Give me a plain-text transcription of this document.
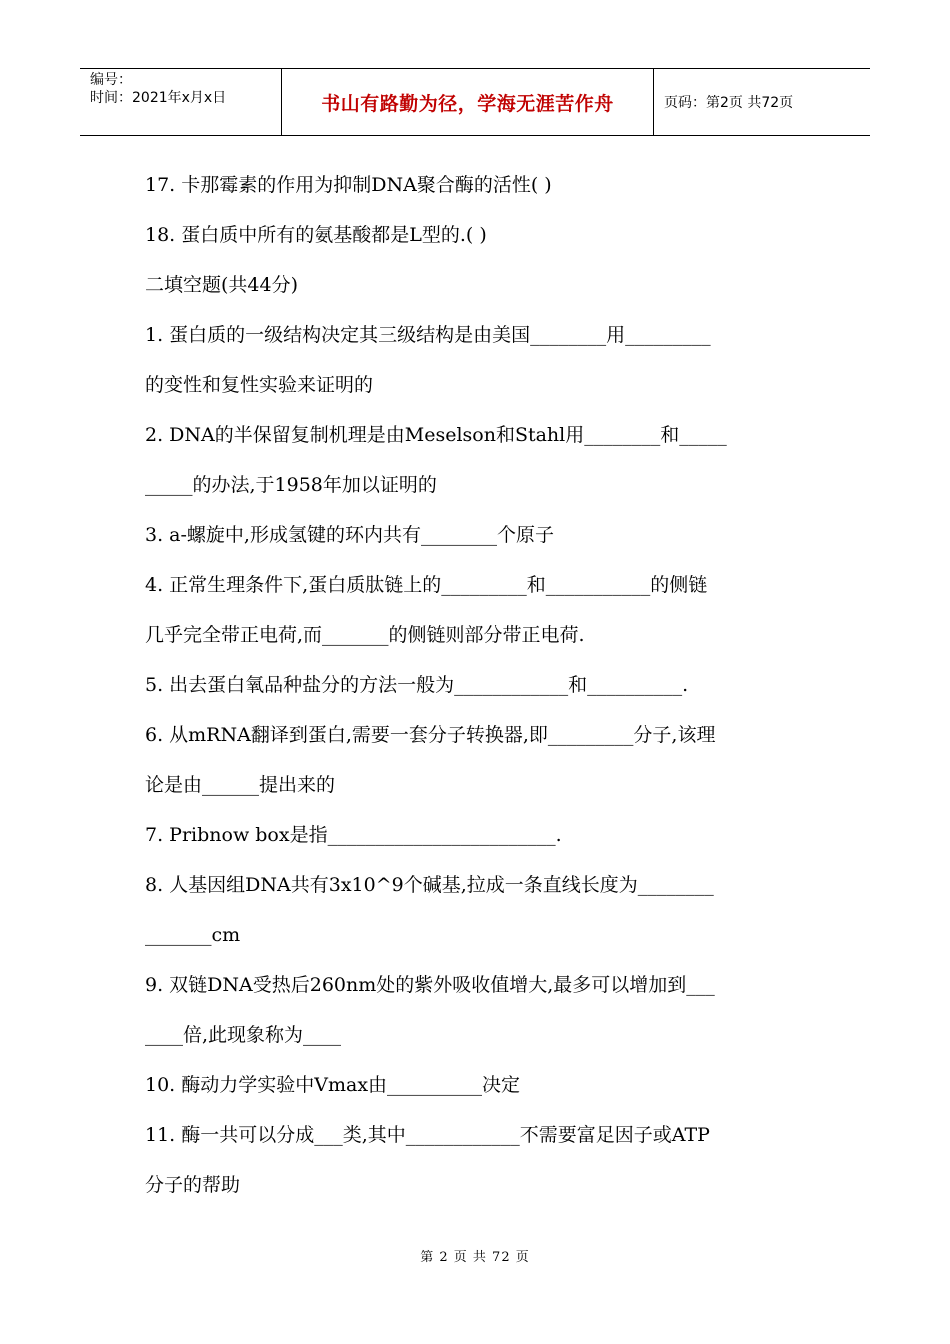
编号：
时间：2021年x月x日	书山有路勤为径，学海无涯苦作舟	页码：第2页 共72页
17. 卡那霉素的作用为抑制DNA聚合酶的活性( )
18. 蛋白质中所有的氨基酸都是L型的.( )
二填空题(共44分)
1. 蛋白质的一级结构决定其三级结构是由美国________用_________
的变性和复性实验来证明的
2. DNA的半保留复制机理是由Meselson和Stahl用________和_____
_____的办法,于1958年加以证明的
3. a-螺旋中,形成氢键的环内共有________个原子
4. 正常生理条件下,蛋白质肽链上的_________和___________的侧链
几乎完全带正电荷,而_______的侧链则部分带正电荷.
5. 出去蛋白氧品种盐分的方法一般为____________和__________.
6. 从mRNA翻译到蛋白,需要一套分子转换器,即_________分子,该理
论是由______提出来的
7. Pribnow box是指________________________.
8. 人基因组DNA共有3x10^9个碱基,拉成一条直线长度为________
_______cm
9. 双链DNA受热后260nm处的紫外吸收值增大,最多可以增加到___
____倍,此现象称为____
10. 酶动力学实验中Vmax由__________决定
11. 酶一共可以分成___类,其中____________不需要富足因子或ATP
分子的帮助
第 2 页 共 72 页
